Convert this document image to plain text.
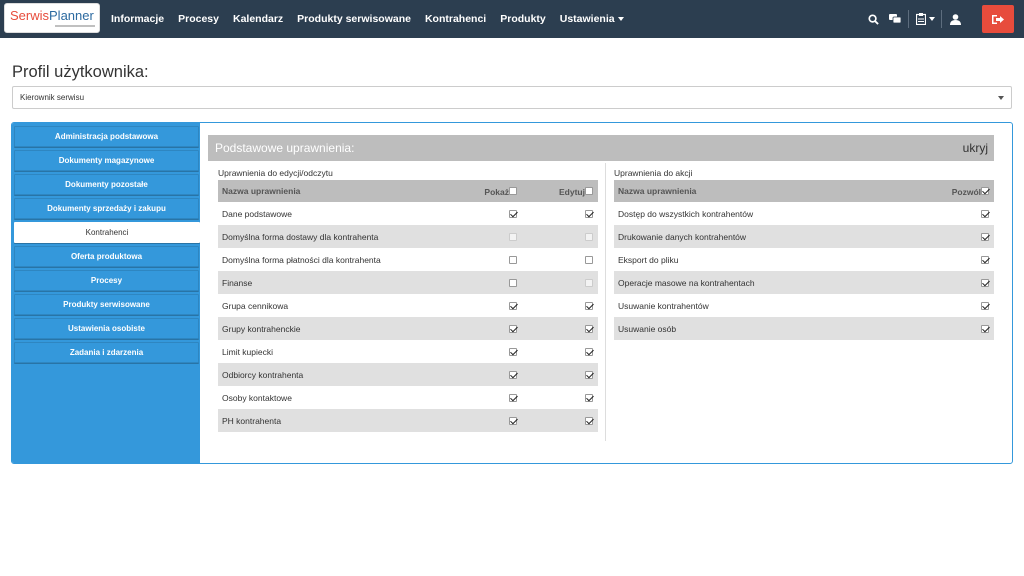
SerwisPlanner	Informacje	Procesy	Kalendarz	Produkty serwisowane	Kontrahenci	Produkty	Ustawienia
Profil użytkownika:
Kierownik serwisu
Administracja podstawowa
Dokumenty magazynowe
Dokumenty pozostałe
Dokumenty sprzedaży i zakupu
Kontrahenci
Oferta produktowa
Procesy
Produkty serwisowane
Ustawienia osobiste
Zadania i zdarzenia
Podstawowe uprawnienia:	ukryj
Uprawnienia do edycji/odczytu
Nazwa uprawnienia	Pokaż	Edytuj
Dane podstawowe		
Domyślna forma dostawy dla kontrahenta		
Domyślna forma płatności dla kontrahenta		
Finanse		
Grupa cennikowa		
Grupy kontrahenckie		
Limit kupiecki		
Odbiorcy kontrahenta		
Osoby kontaktowe		
PH kontrahenta		
Uprawnienia do akcji
Nazwa uprawnienia	Pozwól
Dostęp do wszystkich kontrahentów	
Drukowanie danych kontrahentów	
Eksport do pliku	
Operacje masowe na kontrahentach	
Usuwanie kontrahentów	
Usuwanie osób	
